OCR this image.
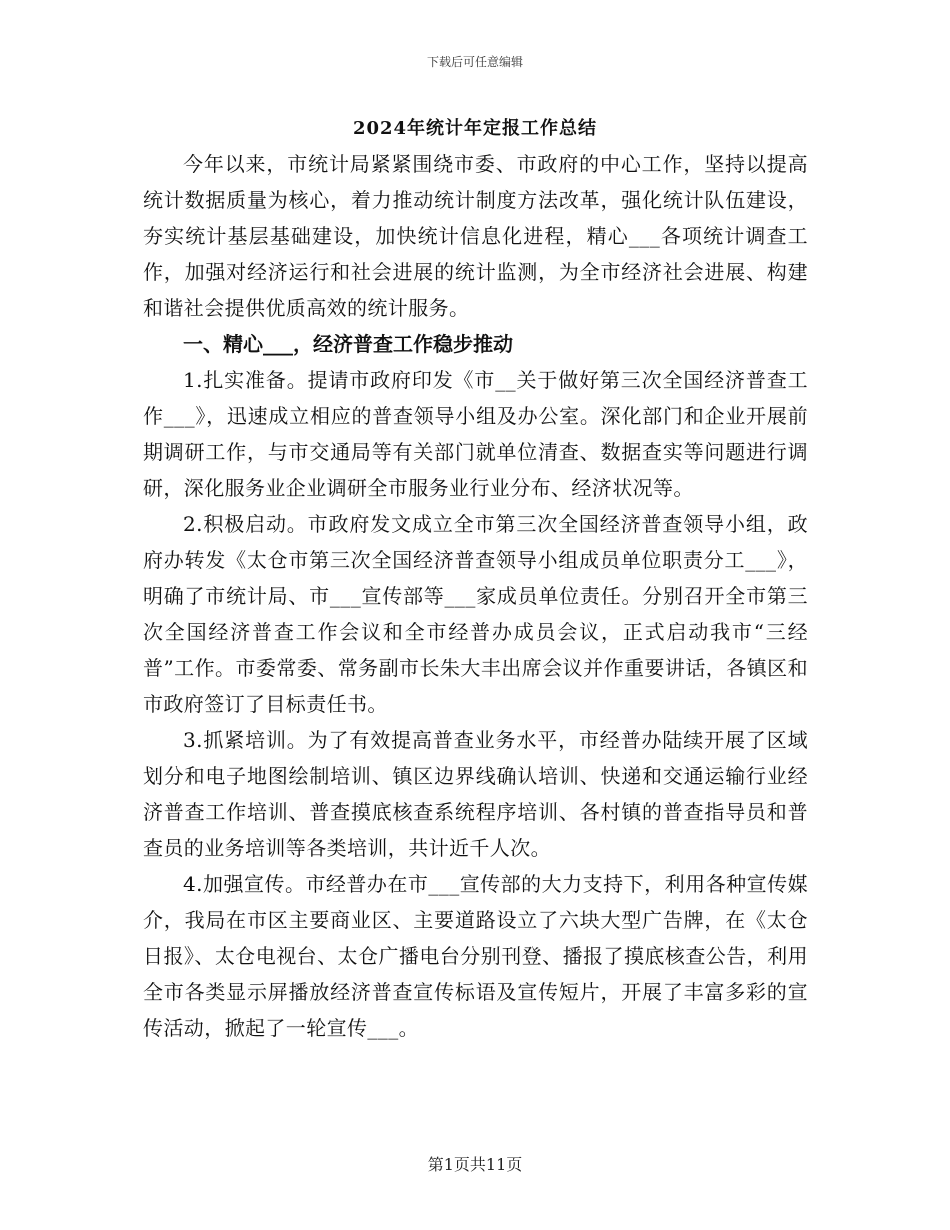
下载后可任意编辑
2024年统计年定报工作总结

今年以来，市统计局紧紧围绕市委、市政府的中心工作，坚持以提高统计数据质量为核心，着力推动统计制度方法改革，强化统计队伍建设，夯实统计基层基础建设，加快统计信息化进程，精心___各项统计调查工作，加强对经济运行和社会进展的统计监测，为全市经济社会进展、构建和谐社会提供优质高效的统计服务。

一、精心___，经济普查工作稳步推动

1.扎实准备。提请市政府印发《市__关于做好第三次全国经济普查工作___》，迅速成立相应的普查领导小组及办公室。深化部门和企业开展前期调研工作，与市交通局等有关部门就单位清查、数据查实等问题进行调研，深化服务业企业调研全市服务业行业分布、经济状况等。

2.积极启动。市政府发文成立全市第三次全国经济普查领导小组，政府办转发《太仓市第三次全国经济普查领导小组成员单位职责分工___》，明确了市统计局、市___宣传部等___家成员单位责任。分别召开全市第三次全国经济普查工作会议和全市经普办成员会议，正式启动我市“三经普”工作。市委常委、常务副市长朱大丰出席会议并作重要讲话，各镇区和市政府签订了目标责任书。

3.抓紧培训。为了有效提高普查业务水平，市经普办陆续开展了区域划分和电子地图绘制培训、镇区边界线确认培训、快递和交通运输行业经济普查工作培训、普查摸底核查系统程序培训、各村镇的普查指导员和普查员的业务培训等各类培训，共计近千人次。

4.加强宣传。市经普办在市___宣传部的大力支持下，利用各种宣传媒介，我局在市区主要商业区、主要道路设立了六块大型广告牌，在《太仓日报》、太仓电视台、太仓广播电台分别刊登、播报了摸底核查公告，利用全市各类显示屏播放经济普查宣传标语及宣传短片，开展了丰富多彩的宣传活动，掀起了一轮宣传___。

第1页共11页
